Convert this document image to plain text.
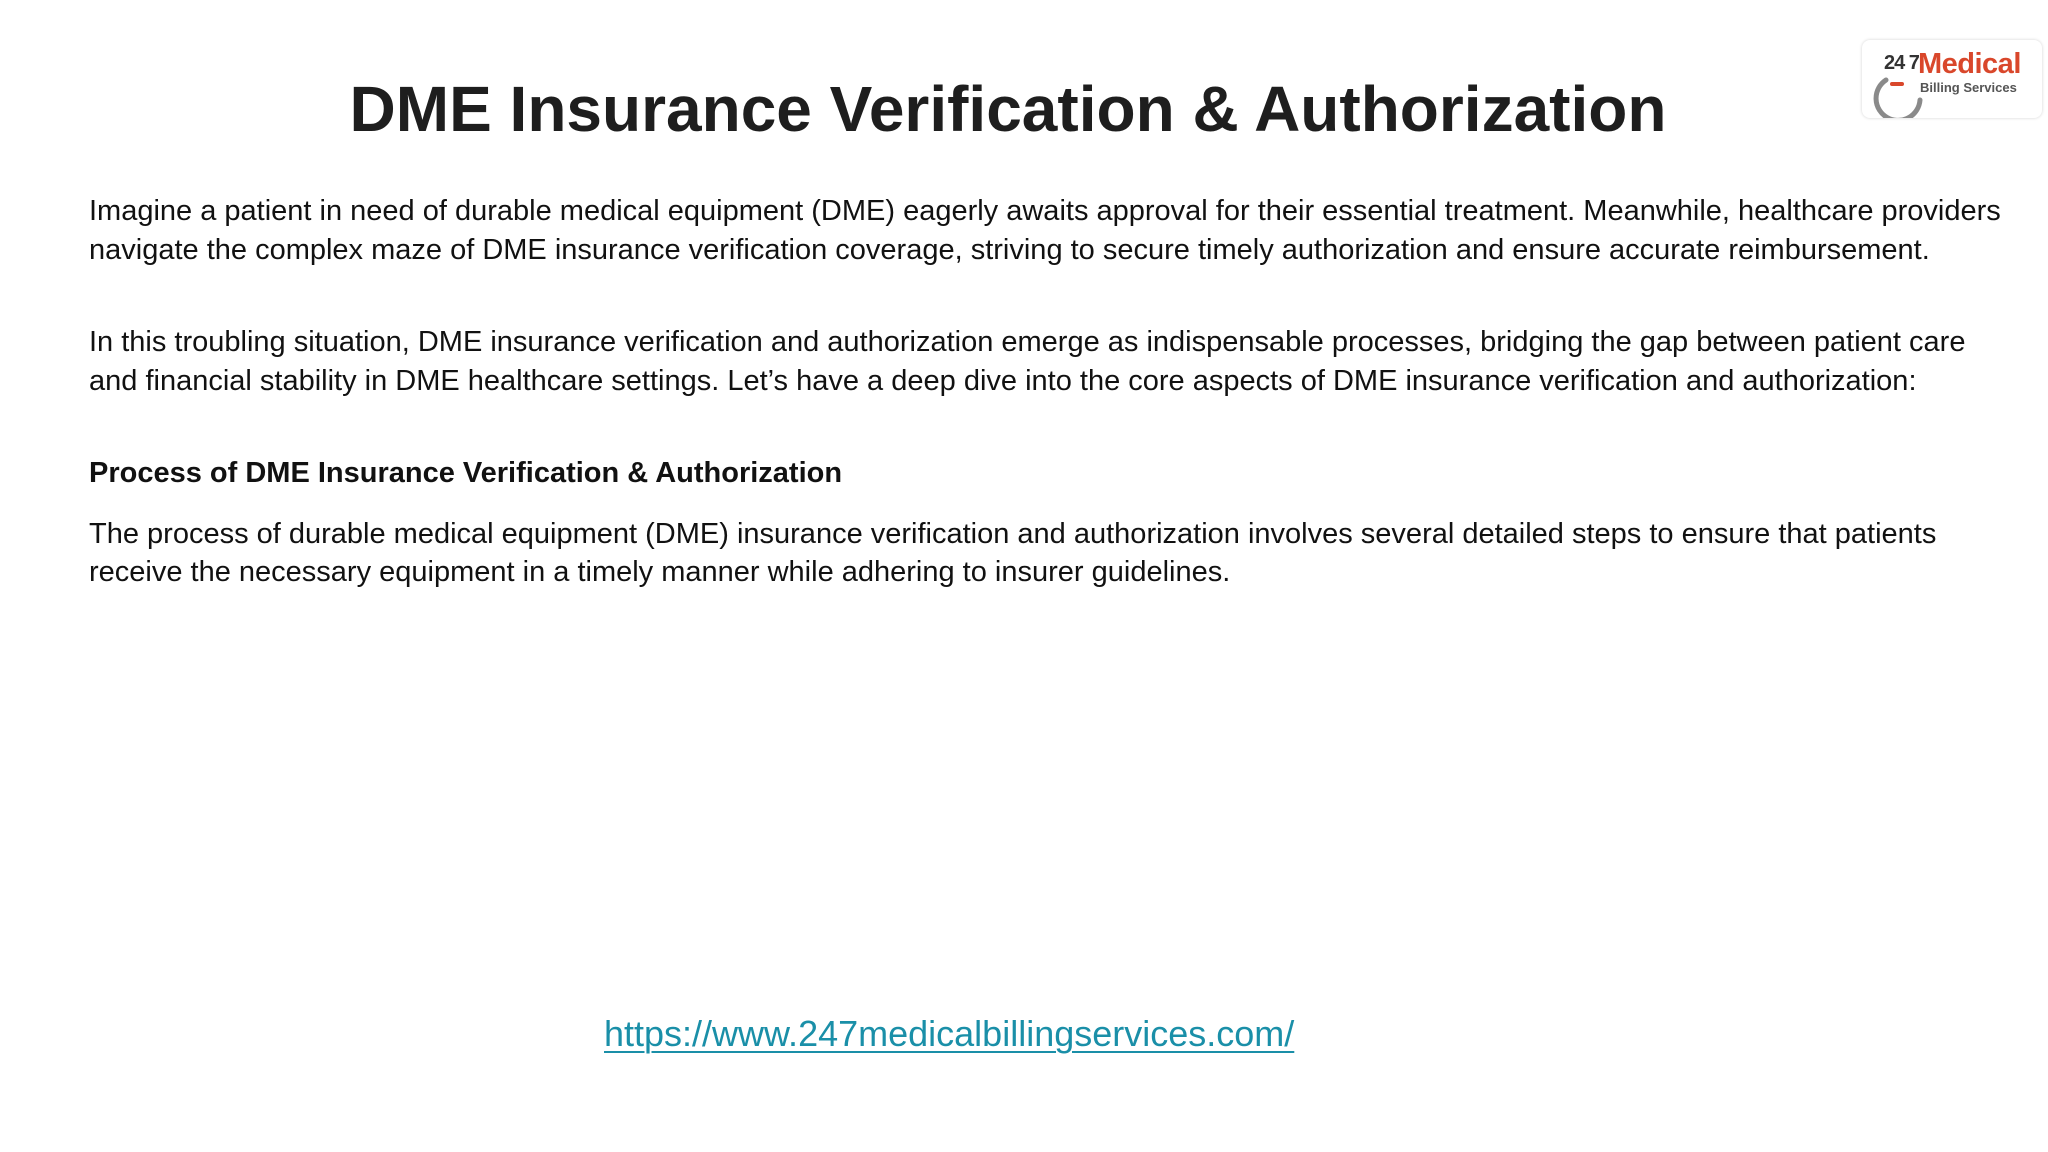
DME Insurance Verification & Authorization
24 7 Medical
Billing Services

Imagine a patient in need of durable medical equipment (DME) eagerly awaits approval for their essential treatment. Meanwhile, healthcare providers navigate the complex maze of DME insurance verification coverage, striving to secure timely authorization and ensure accurate reimbursement.

In this troubling situation, DME insurance verification and authorization emerge as indispensable processes, bridging the gap between patient care and financial stability in DME healthcare settings. Let’s have a deep dive into the core aspects of DME insurance verification and authorization:

Process of DME Insurance Verification & Authorization

The process of durable medical equipment (DME) insurance verification and authorization involves several detailed steps to ensure that patients receive the necessary equipment in a timely manner while adhering to insurer guidelines.

https://www.247medicalbillingservices.com/
